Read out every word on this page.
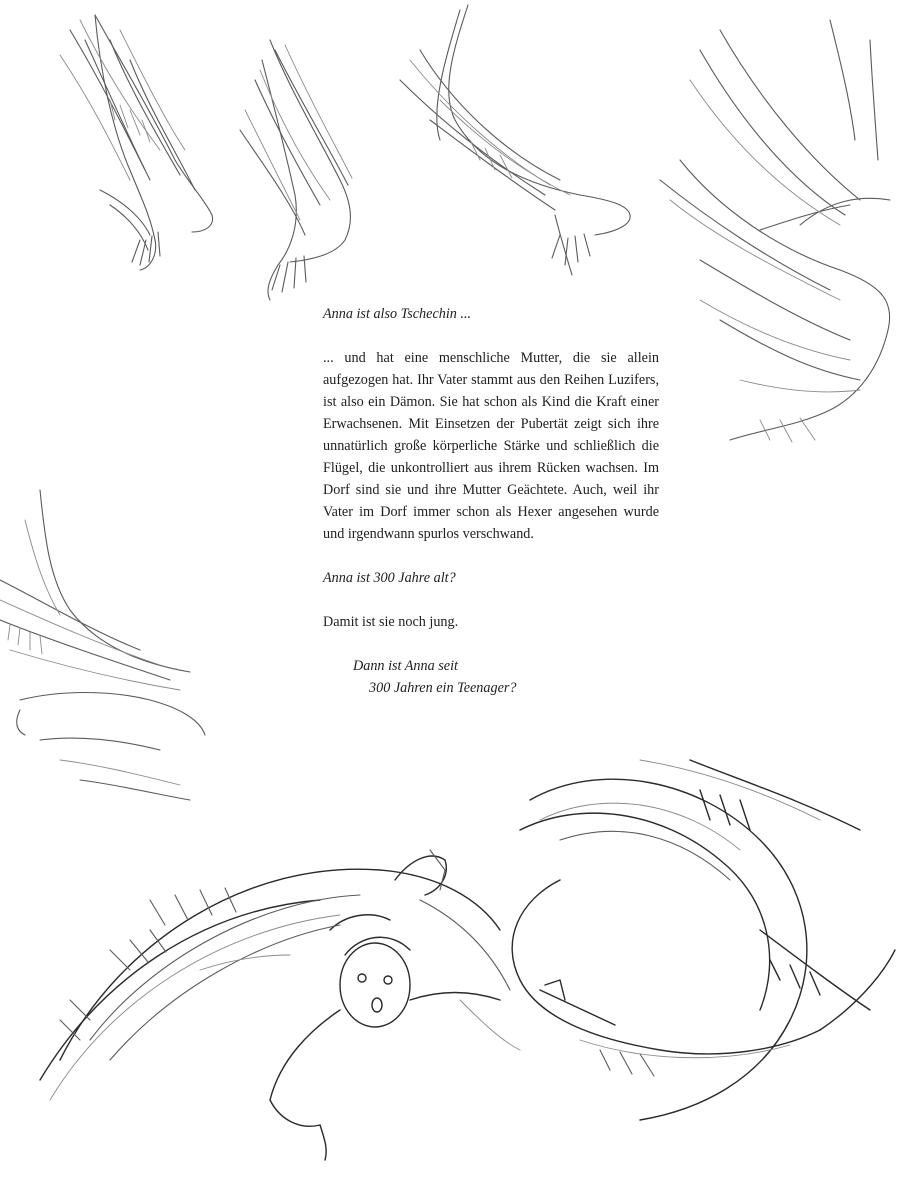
Anna ist also Tschechin ...

... und hat eine menschliche Mutter, die sie allein aufgezogen hat. Ihr Vater stammt aus den Reihen Luzifers, ist also ein Dämon. Sie hat schon als Kind die Kraft einer Erwachsenen. Mit Einsetzen der Pubertät zeigt sich ihre unnatürlich große körperliche Stärke und schließlich die Flügel, die unkontrolliert aus ihrem Rücken wachsen. Im Dorf sind sie und ihre Mutter Geächtete. Auch, weil ihr Vater im Dorf immer schon als Hexer angesehen wurde und irgendwann spurlos verschwand.

Anna ist 300 Jahre alt?

Damit ist sie noch jung.

Dann ist Anna seit
300 Jahren ein Teenager?
